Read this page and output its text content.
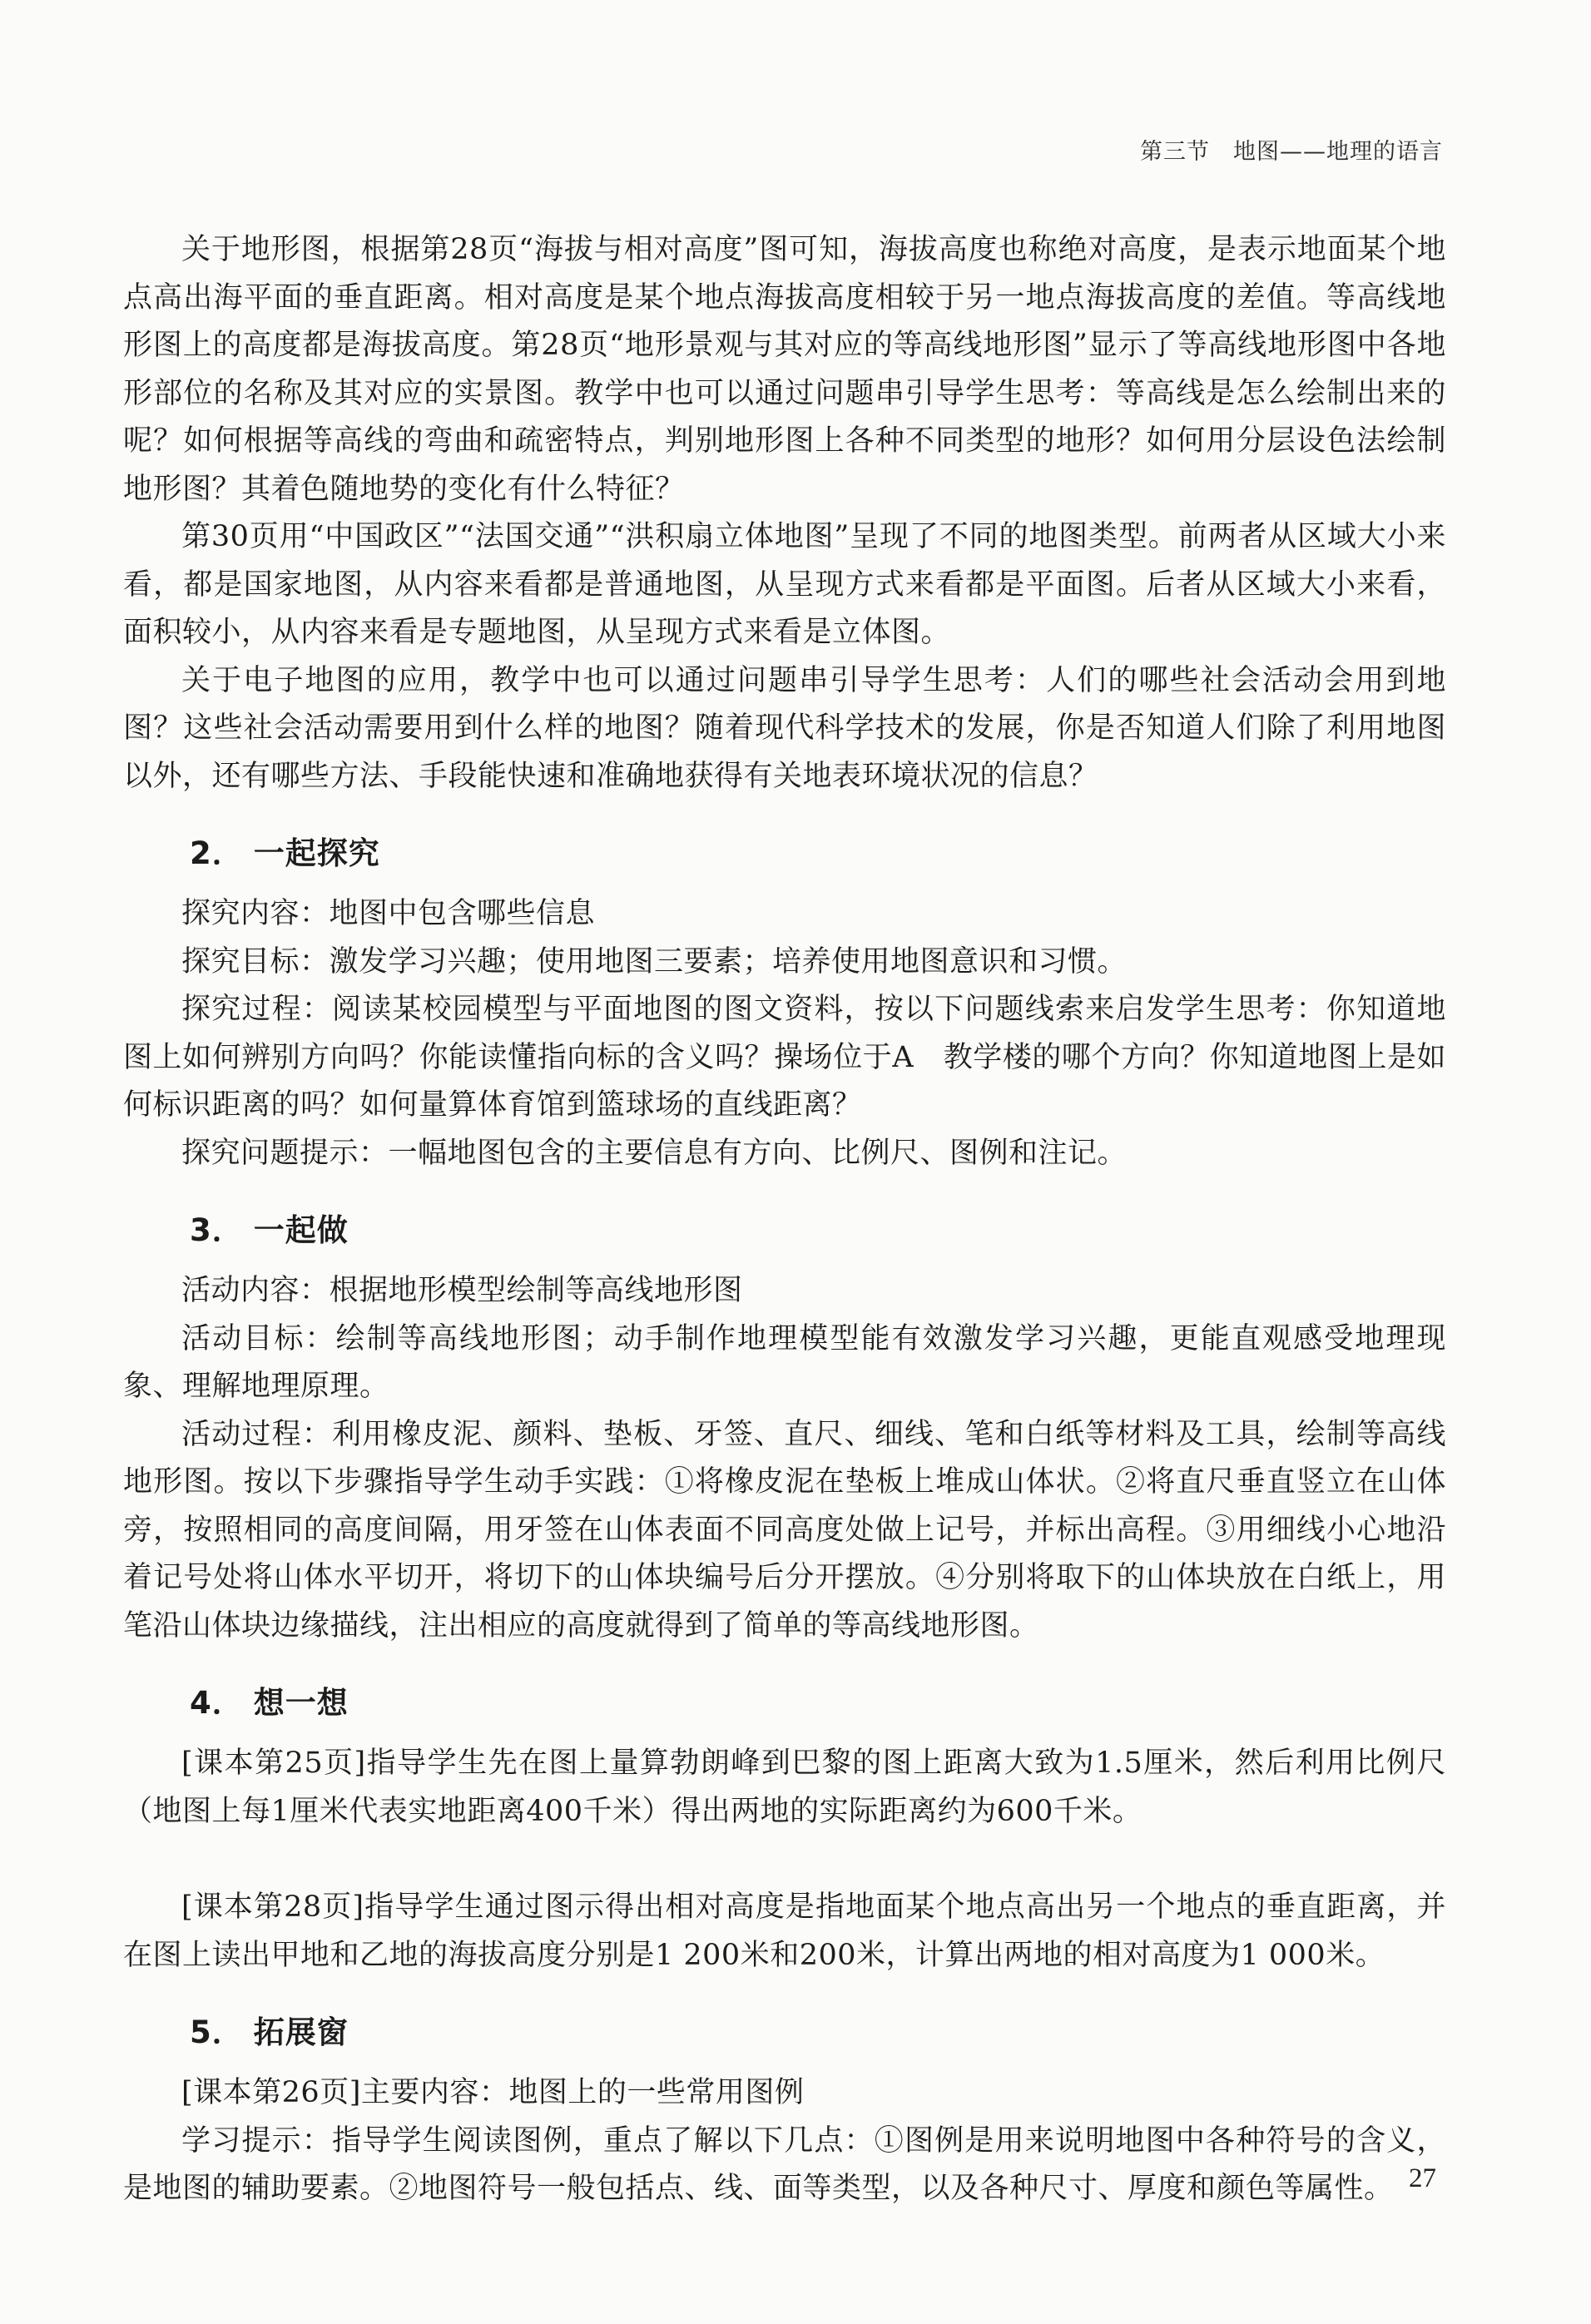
第三节 地图——地理的语言

关于地形图，根据第28页“海拔与相对高度”图可知，海拔高度也称绝对高度，是表示地面某个地点高出海平面的垂直距离。相对高度是某个地点海拔高度相较于另一地点海拔高度的差值。等高线地形图上的高度都是海拔高度。第28页“地形景观与其对应的等高线地形图”显示了等高线地形图中各地形部位的名称及其对应的实景图。教学中也可以通过问题串引导学生思考：等高线是怎么绘制出来的呢？如何根据等高线的弯曲和疏密特点，判别地形图上各种不同类型的地形？如何用分层设色法绘制地形图？其着色随地势的变化有什么特征？

第30页用“中国政区”“法国交通”“洪积扇立体地图”呈现了不同的地图类型。前两者从区域大小来看，都是国家地图，从内容来看都是普通地图，从呈现方式来看都是平面图。后者从区域大小来看，面积较小，从内容来看是专题地图，从呈现方式来看是立体图。

关于电子地图的应用，教学中也可以通过问题串引导学生思考：人们的哪些社会活动会用到地图？这些社会活动需要用到什么样的地图？随着现代科学技术的发展，你是否知道人们除了利用地图以外，还有哪些方法、手段能快速和准确地获得有关地表环境状况的信息？

2． 一起探究

探究内容：地图中包含哪些信息

探究目标：激发学习兴趣；使用地图三要素；培养使用地图意识和习惯。

探究过程：阅读某校园模型与平面地图的图文资料，按以下问题线索来启发学生思考：你知道地图上如何辨别方向吗？你能读懂指向标的含义吗？操场位于A　教学楼的哪个方向？你知道地图上是如何标识距离的吗？如何量算体育馆到篮球场的直线距离？

探究问题提示：一幅地图包含的主要信息有方向、比例尺、图例和注记。

3． 一起做

活动内容：根据地形模型绘制等高线地形图

活动目标：绘制等高线地形图；动手制作地理模型能有效激发学习兴趣，更能直观感受地理现象、理解地理原理。

活动过程：利用橡皮泥、颜料、垫板、牙签、直尺、细线、笔和白纸等材料及工具，绘制等高线地形图。按以下步骤指导学生动手实践：①将橡皮泥在垫板上堆成山体状。②将直尺垂直竖立在山体旁，按照相同的高度间隔，用牙签在山体表面不同高度处做上记号，并标出高程。③用细线小心地沿着记号处将山体水平切开，将切下的山体块编号后分开摆放。④分别将取下的山体块放在白纸上，用笔沿山体块边缘描线，注出相应的高度就得到了简单的等高线地形图。

4． 想一想

[课本第25页]指导学生先在图上量算勃朗峰到巴黎的图上距离大致为1.5厘米，然后利用比例尺（地图上每1厘米代表实地距离400千米）得出两地的实际距离约为600千米。

[课本第28页]指导学生通过图示得出相对高度是指地面某个地点高出另一个地点的垂直距离，并在图上读出甲地和乙地的海拔高度分别是1 200米和200米，计算出两地的相对高度为1 000米。

5． 拓展窗

[课本第26页]主要内容：地图上的一些常用图例

学习提示：指导学生阅读图例，重点了解以下几点：①图例是用来说明地图中各种符号的含义，是地图的辅助要素。②地图符号一般包括点、线、面等类型，以及各种尺寸、厚度和颜色等属性。 27
